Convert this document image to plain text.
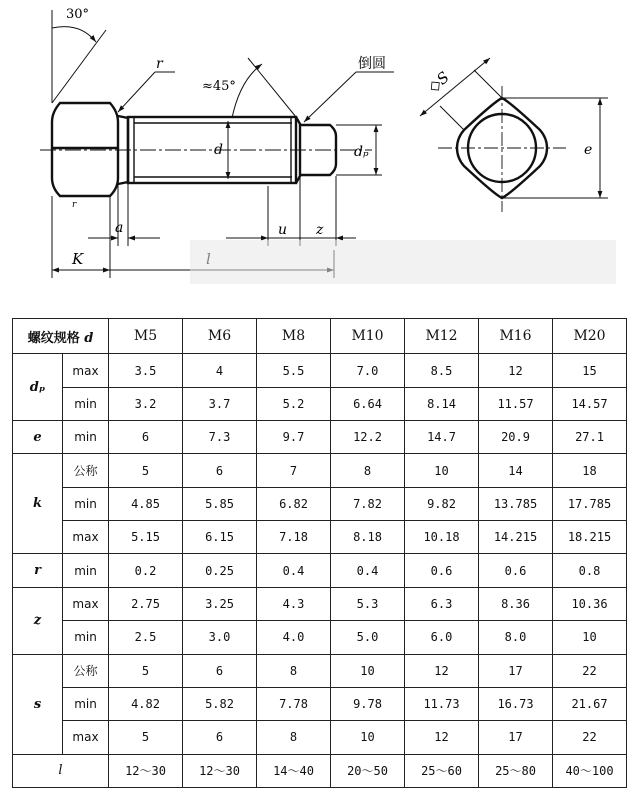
30°
r
≈45°
倒圆
d	dₚ
r
a	u z
K
◇S
e
螺纹规格 d		M5	M6	M8	M10	M12	M16	M20
dₚ	max	3.5	4	5.5	7.0	8.5	12	15
	min	3.2	3.7	5.2	6.64	8.14	11.57	14.57
e	min	6	7.3	9.7	12.2	14.7	20.9	27.1
k	公称	5	6	7	8	10	14	18
	min	4.85	5.85	6.82	7.82	9.82	13.785	17.785
	max	5.15	6.15	7.18	8.18	10.18	14.215	18.215
r	min	0.2	0.25	0.4	0.4	0.6	0.6	0.8
z	max	2.75	3.25	4.3	5.3	6.3	8.36	10.36
	min	2.5	3.0	4.0	5.0	6.0	8.0	10
s	公称	5	6	8	10	12	17	22
	min	4.82	5.82	7.78	9.78	11.73	16.73	21.67
	max	5	6	8	10	12	17	22
l		12～30	12～30	14～40	20～50	25～60	25～80	40～100
